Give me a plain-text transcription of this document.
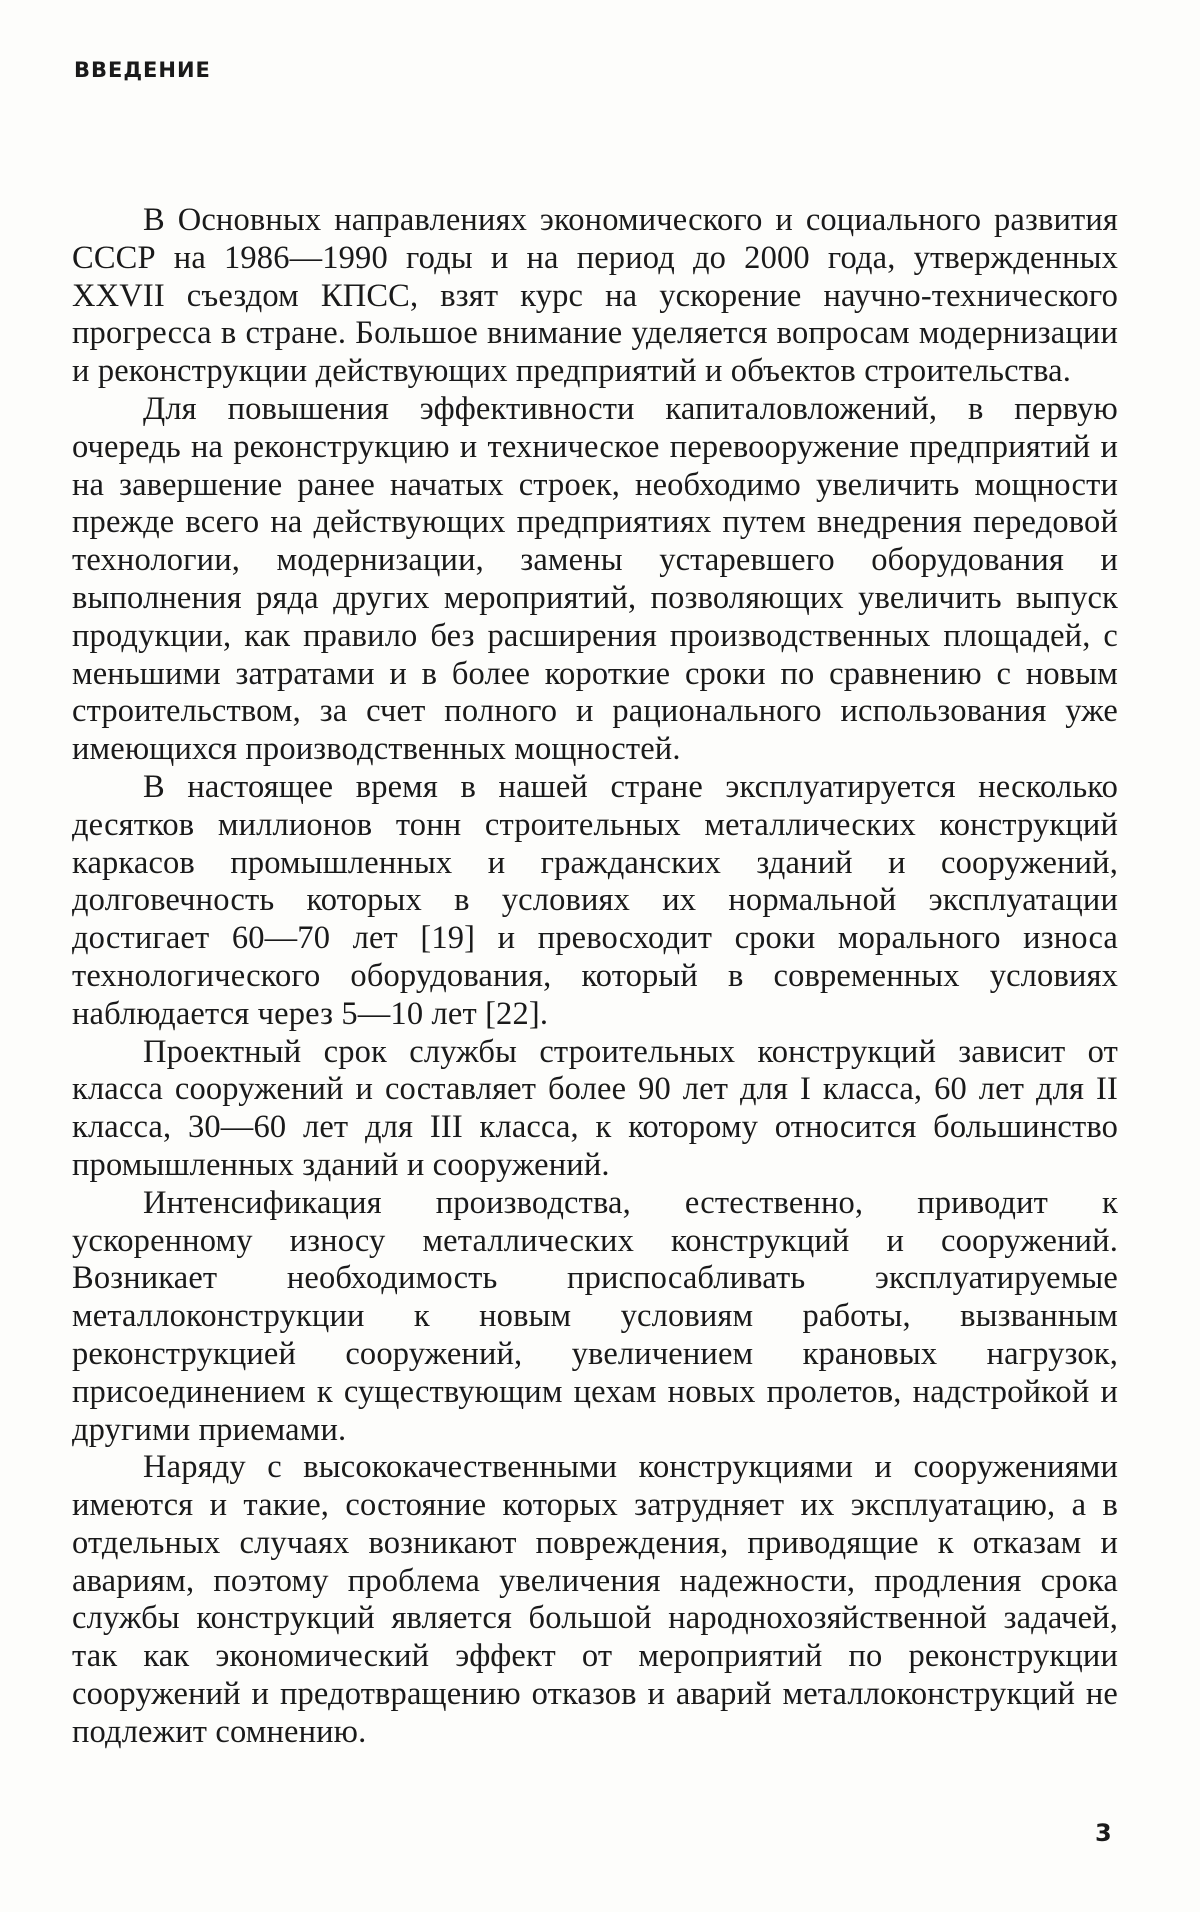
ВВЕДЕНИЕ

В Основных направлениях экономического и социального развития СССР на 1986—1990 годы и на период до 2000 года, утвержденных XXVII съездом КПСС, взят курс на ускорение научно-технического прогресса в стране. Большое внимание уделяется вопросам модернизации и реконструкции действующих предприятий и объектов строительства.

Для повышения эффективности капиталовложений, в первую очередь на реконструкцию и техническое перевооружение предприятий и на завершение ранее начатых строек, необходимо увеличить мощности прежде всего на действующих предприятиях путем внедрения передовой технологии, модернизации, замены устаревшего оборудования и выполнения ряда других мероприятий, позволяющих увеличить выпуск продукции, как правило без расширения производственных площадей, с меньшими затратами и в более короткие сроки по сравнению с новым строительством, за счет полного и рационального использования уже имеющихся производственных мощностей.

В настоящее время в нашей стране эксплуатируется несколько десятков миллионов тонн строительных металлических конструкций каркасов промышленных и гражданских зданий и сооружений, долговечность которых в условиях их нормальной эксплуатации достигает 60—70 лет [19] и превосходит сроки морального износа технологического оборудования, который в современных условиях наблюдается через 5—10 лет [22].

Проектный срок службы строительных конструкций зависит от класса сооружений и составляет более 90 лет для I класса, 60 лет для II класса, 30—60 лет для III класса, к которому относится большинство промышленных зданий и сооружений.

Интенсификация производства, естественно, приводит к ускоренному износу металлических конструкций и сооружений. Возникает необходимость приспосабливать эксплуатируемые металлоконструкции к новым условиям работы, вызванным реконструкцией сооружений, увеличением крановых нагрузок, присоединением к существующим цехам новых пролетов, надстройкой и другими приемами.

Наряду с высококачественными конструкциями и сооружениями имеются и такие, состояние которых затрудняет их эксплуатацию, а в отдельных случаях возникают повреждения, приводящие к отказам и авариям, поэтому проблема увеличения надежности, продления срока службы конструкций является большой народнохозяйственной задачей, так как экономический эффект от мероприятий по реконструкции сооружений и предотвращению отказов и аварий металлоконструкций не подлежит сомнению.

3
